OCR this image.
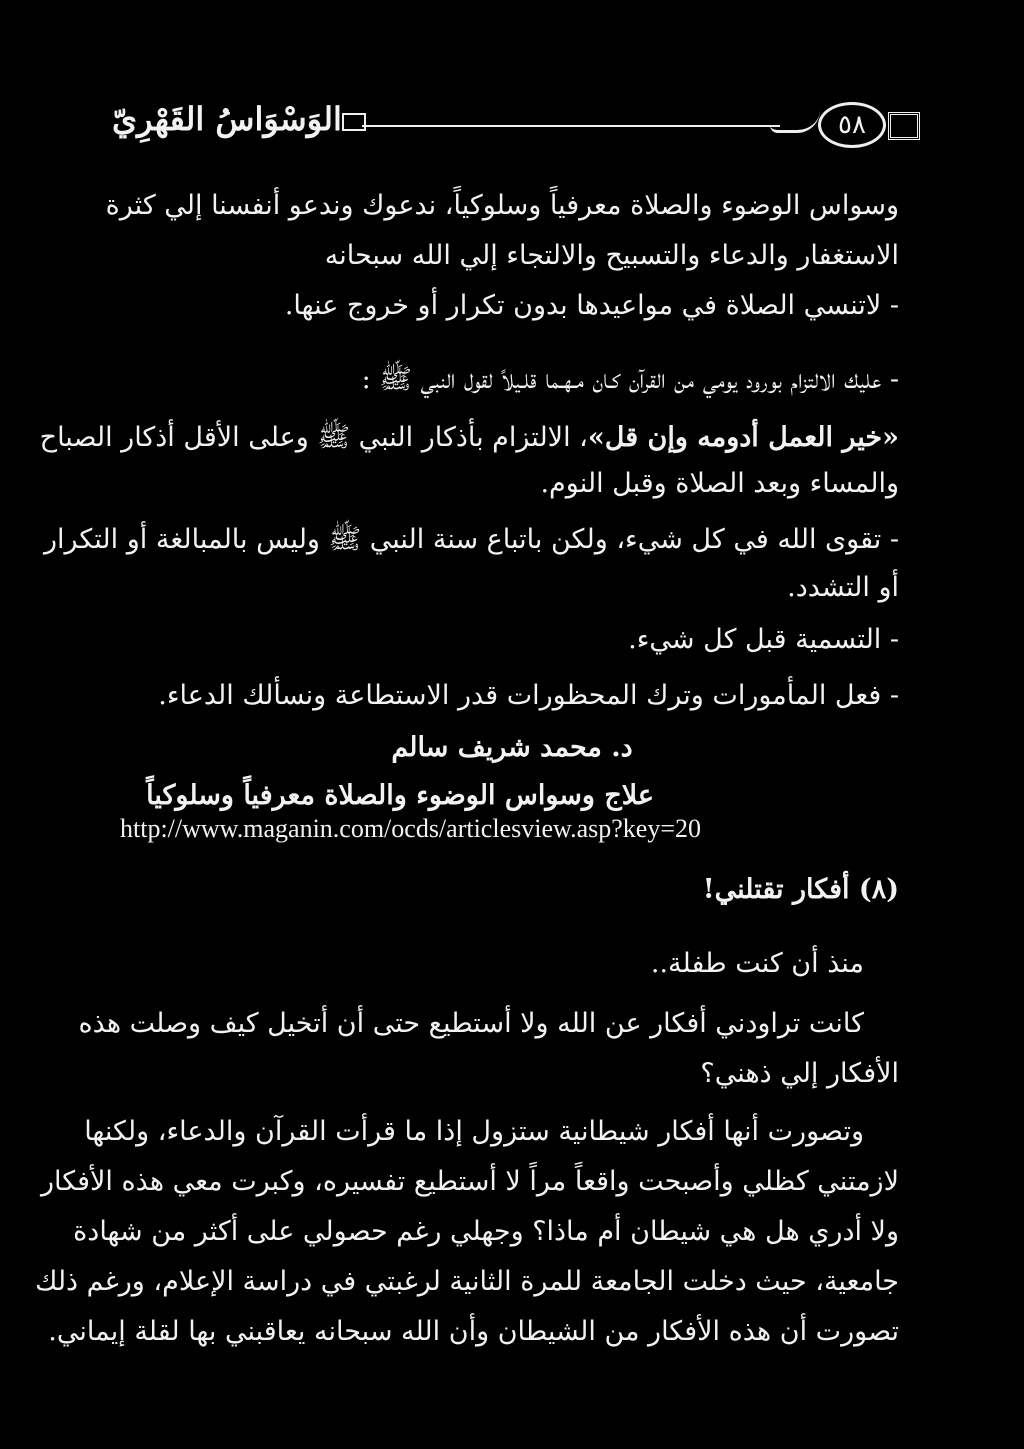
الوَسْوَاسُ القَهْرِيّ	٥٨
وسواس الوضوء والصلاة معرفياً وسلوكياً، ندعوك وندعو أنفسنا إلي كثرة
الاستغفار والدعاء والتسبيح والالتجاء إلي الله سبحانه
- لاتنسي الصلاة في مواعيدها بدون تكرار أو خروج عنها.
- عليك الالتزام بورود يومي من القرآن كـان مـهـما قلـيلاً لقول النبي ﷺ :
«خير العمل أدومه وإن قل»، الالتزام بأذكار النبي ﷺ وعلى الأقل أذكار الصباح
والمساء وبعد الصلاة وقبل النوم.
- تقوى الله في كل شيء، ولكن باتباع سنة النبي ﷺ وليس بالمبالغة أو التكرار
أو التشدد.
- التسمية قبل كل شيء.
- فعل المأمورات وترك المحظورات قدر الاستطاعة ونسألك الدعاء.
د. محمد شريف سالم
علاج وسواس الوضوء والصلاة معرفياً وسلوكياً
http://www.maganin.com/ocds/articlesview.asp?key=20
(٨) أفكار تقتلني!
منذ أن كنت طفلة..
كانت تراودني أفكار عن الله ولا أستطيع حتى أن أتخيل كيف وصلت هذه
الأفكار إلي ذهني؟
وتصورت أنها أفكار شيطانية ستزول إذا ما قرأت القرآن والدعاء، ولكنها
لازمتني كظلي وأصبحت واقعاً مراً لا أستطيع تفسيره، وكبرت معي هذه الأفكار
ولا أدري هل هي شيطان أم ماذا؟ وجهلي رغم حصولي على أكثر من شهادة
جامعية، حيث دخلت الجامعة للمرة الثانية لرغبتي في دراسة الإعلام، ورغم ذلك
تصورت أن هذه الأفكار من الشيطان وأن الله سبحانه يعاقبني بها لقلة إيماني.
